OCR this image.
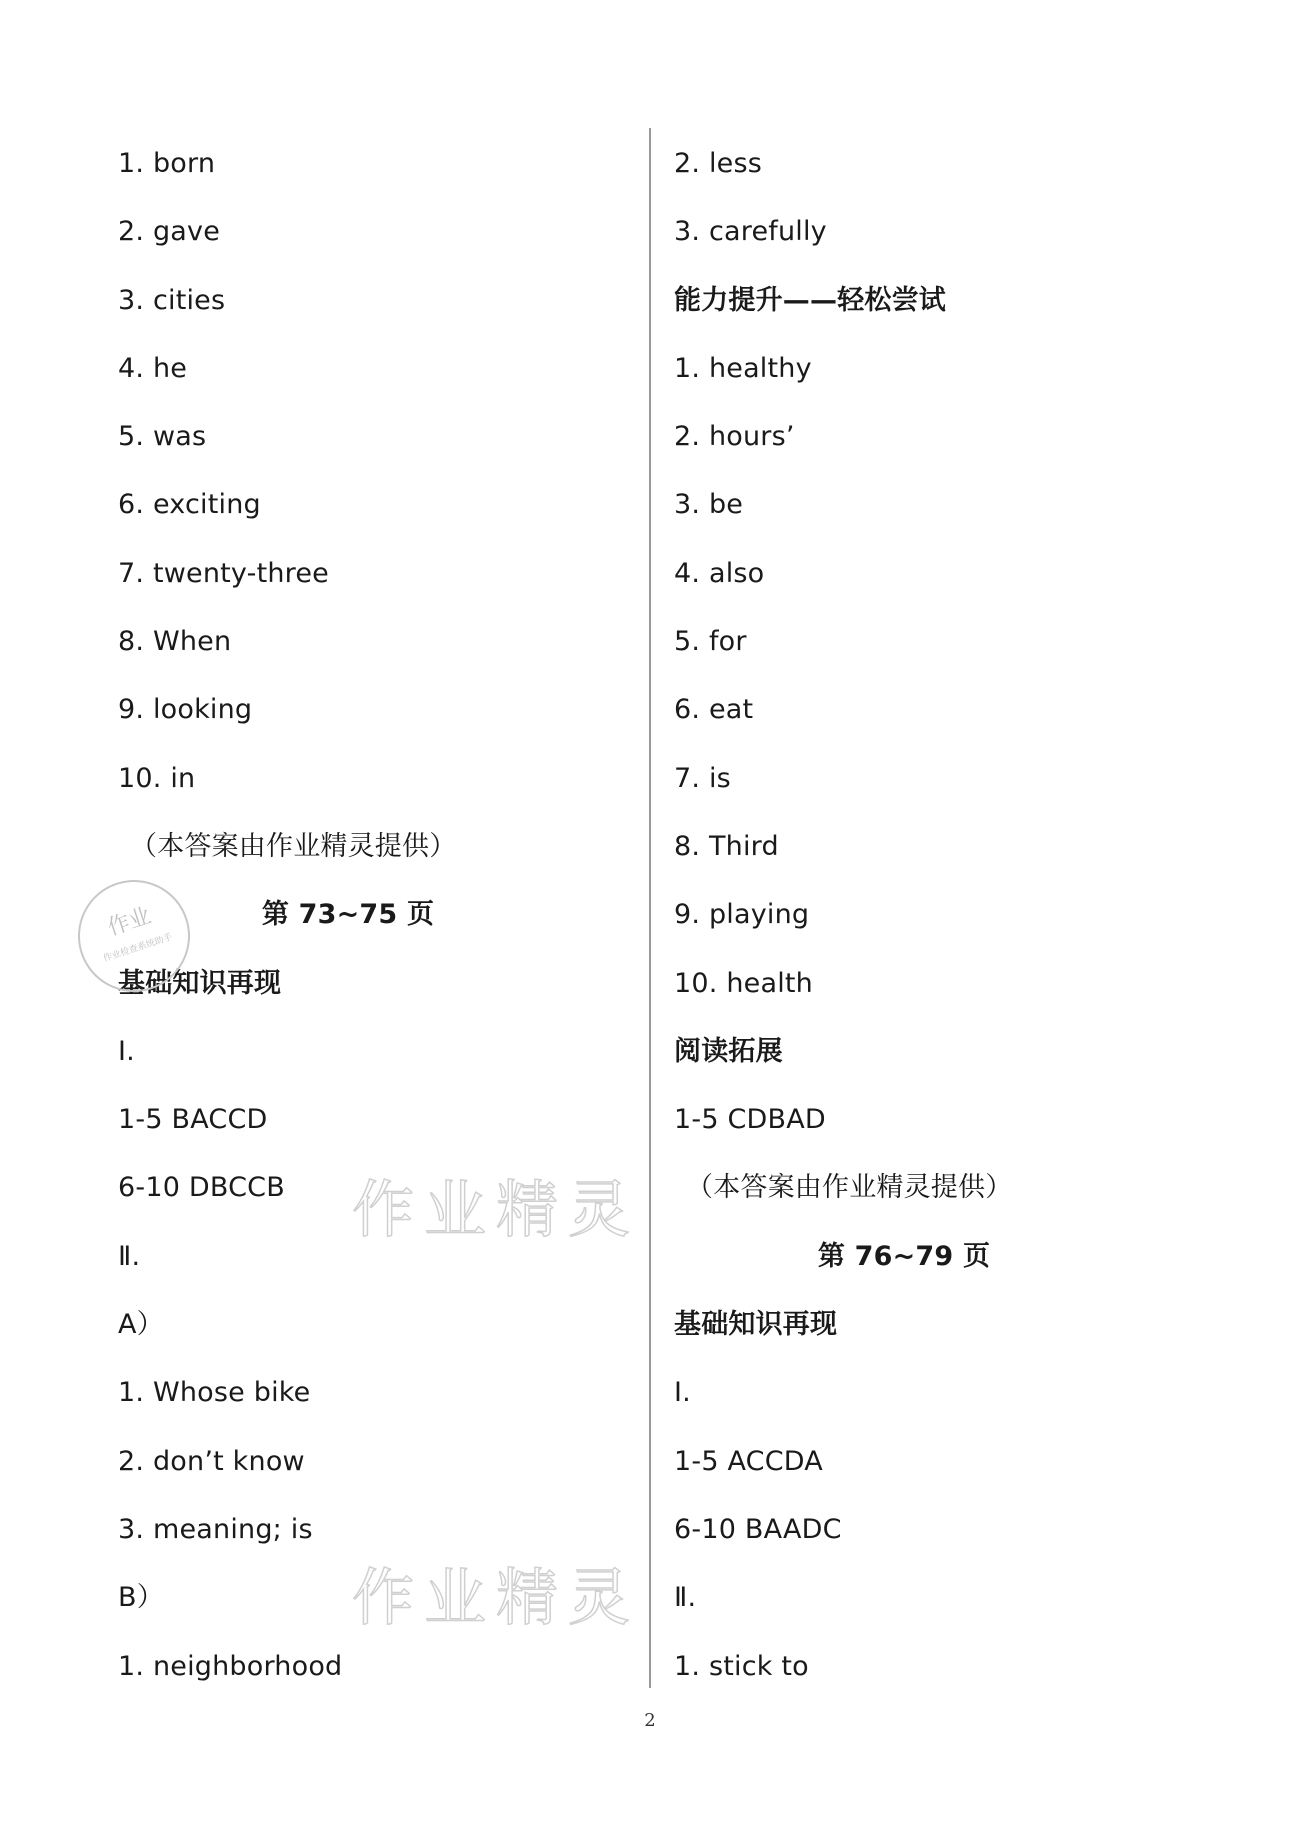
1. born
2. gave
3. cities
4. he
5. was
6. exciting
7. twenty-three
8. When
9. looking
10. in
（本答案由作业精灵提供）
第 73~75 页
基础知识再现
Ⅰ.
1-5 BACCD
6-10 DBCCB
Ⅱ.
A）
1. Whose bike
2. don’t know
3. meaning; is
B）
1. neighborhood
2. less
3. carefully
能力提升——轻松尝试
1. healthy
2. hours’
3. be
4. also
5. for
6. eat
7. is
8. Third
9. playing
10. health
阅读拓展
1-5 CDBAD
（本答案由作业精灵提供）
第 76~79 页
基础知识再现
Ⅰ.
1-5 ACCDA
6-10 BAADC
Ⅱ.
1. stick to
作业精灵
作业精灵
作业
作业检查系统助手
2
